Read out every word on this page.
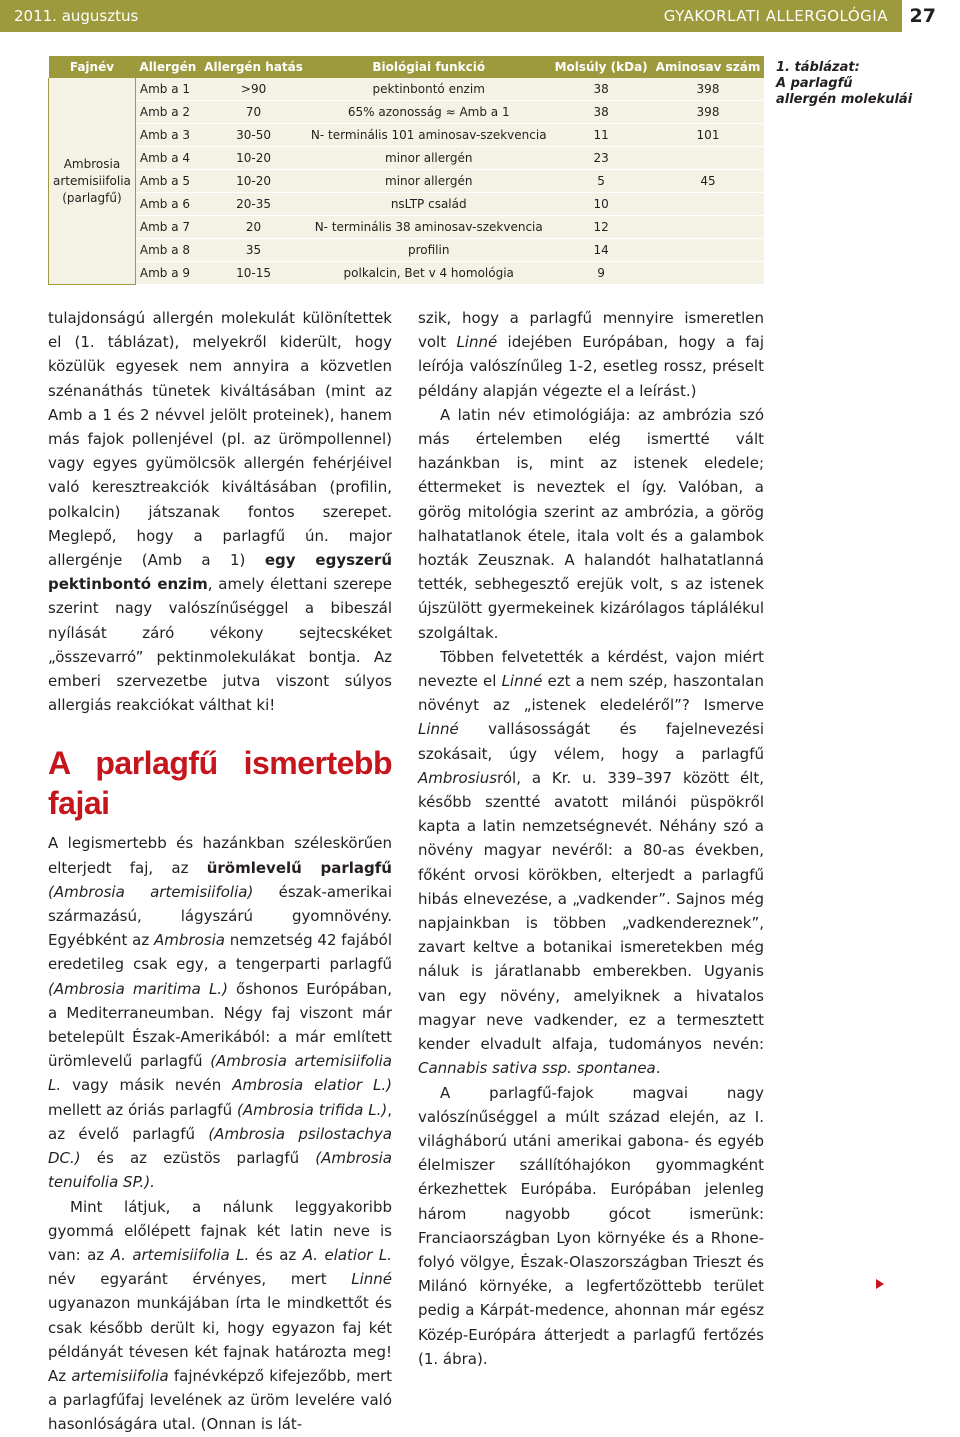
2011. augusztus	GYAKORLATI ALLERGOLÓGIA 27
Fajnév	Allergén	Allergén hatás	Biológiai funkció	Molsúly (kDa)	Aminosav szám
Ambrosia artemisiifolia (parlagfű)	Amb a 1	>90	pektinbontó enzim	38	398
	Amb a 2	70	65% azonosság ≈ Amb a 1	38	398
	Amb a 3	30-50	N- terminális 101 aminosav-szekvencia	11	101
	Amb a 4	10-20	minor allergén	23	
	Amb a 5	10-20	minor allergén	5	45
	Amb a 6	20-35	nsLTP család	10	
	Amb a 7	20	N- terminális 38 aminosav-szekvencia	12	
	Amb a 8	35	profilin	14	
	Amb a 9	10-15	polkalcin, Bet v 4 homológia	9	
1. táblázat:
A parlagfű
allergén molekulái

tulajdonságú allergén molekulát különítettek el (1. táblázat), melyekről kiderült, hogy közülük egyesek nem annyira a közvetlen szénanáthás tünetek kiváltásában (mint az Amb a 1 és 2 névvel jelölt proteinek), hanem más fajok pollenjével (pl. az ürömpollennel) vagy egyes gyümölcsök allergén fehérjéivel való keresztreakciók kiváltásában (profilin, polkalcin) játszanak fontos szerepet. Meglepő, hogy a parlagfű ún. major allergénje (Amb a 1) egy egyszerű pektinbontó enzim, amely élettani szerepe szerint nagy valószínűséggel a bibeszál nyílását záró vékony sejtecskéket „összevarró” pektinmolekulákat bontja. Az emberi szervezetbe jutva viszont súlyos allergiás reakciókat válthat ki!

A parlagfű ismertebb fajai

A legismertebb és hazánkban széleskörűen elterjedt faj, az ürömlevelű parlagfű (Ambrosia artemisiifolia) észak-amerikai származású, lágyszárú gyomnövény. Egyébként az Ambrosia nemzetség 42 fajából eredetileg csak egy, a tengerparti parlagfű (Ambrosia maritima L.) őshonos Európában, a Mediterraneumban. Négy faj viszont már betelepült Észak-Amerikából: a már említett ürömlevelű parlagfű (Ambrosia artemisiifolia L. vagy másik nevén Ambrosia elatior L.) mellett az óriás parlagfű (Ambrosia trifida L.), az évelő parlagfű (Ambrosia psilostachya DC.) és az ezüstös parlagfű (Ambrosia tenuifolia SP.).

Mint látjuk, a nálunk leggyakoribb gyommá előlépett fajnak két latin neve is van: az A. artemisiifolia L. és az A. elatior L. név egyaránt érvényes, mert Linné ugyanazon munkájában írta le mindkettőt és csak később derült ki, hogy egyazon faj két példányát tévesen két fajnak határozta meg! Az artemisiifolia fajnévképző kifejezőbb, mert a parlagfűfaj levelének az üröm levelére való hasonlóságára utal. (Onnan is lát-

szik, hogy a parlagfű mennyire ismeretlen volt Linné idejében Európában, hogy a faj leírója valószínűleg 1-2, esetleg rossz, préselt példány alapján végezte el a leírást.)

A latin név etimológiája: az ambrózia szó más értelemben elég ismertté vált hazánkban is, mint az istenek eledele; éttermeket is neveztek el így. Valóban, a görög mitológia szerint az ambrózia, a görög halhatatlanok étele, itala volt és a galambok hozták Zeusznak. A halandót halhatatlanná tették, sebhegesztő erejük volt, s az istenek újszülött gyermekeinek kizárólagos táplálékul szolgáltak.

Többen felvetették a kérdést, vajon miért nevezte el Linné ezt a nem szép, haszontalan növényt az „istenek eledeléről”? Ismerve Linné vallásosságát és fajelnevezési szokásait, úgy vélem, hogy a parlagfű Ambrosiusról, a Kr. u. 339–397 között élt, később szentté avatott milánói püspökről kapta a latin nemzetségnevét. Néhány szó a növény magyar nevéről: a 80-as években, főként orvosi körökben, elterjedt a parlagfű hibás elnevezése, a „vadkender”. Sajnos még napjainkban is többen „vadkendereznek”, zavart keltve a botanikai ismeretekben még náluk is járatlanabb emberekben. Ugyanis van egy növény, amelyiknek a hivatalos magyar neve vadkender, ez a termesztett kender elvadult alfaja, tudományos nevén: Cannabis sativa ssp. spontanea.

A parlagfű-fajok magvai nagy valószínűséggel a múlt század elején, az I. világháború utáni amerikai gabona- és egyéb élelmiszer szállítóhajókon gyommagként érkezhettek Európába. Európában jelenleg három nagyobb gócot ismerünk: Franciaországban Lyon környéke és a Rhone-folyó völgye, Észak-Olaszországban Trieszt és Milánó környéke, a legfertőzöttebb terület pedig a Kárpát-medence, ahonnan már egész Közép-Európára átterjedt a parlagfű fertőzés (1. ábra).
